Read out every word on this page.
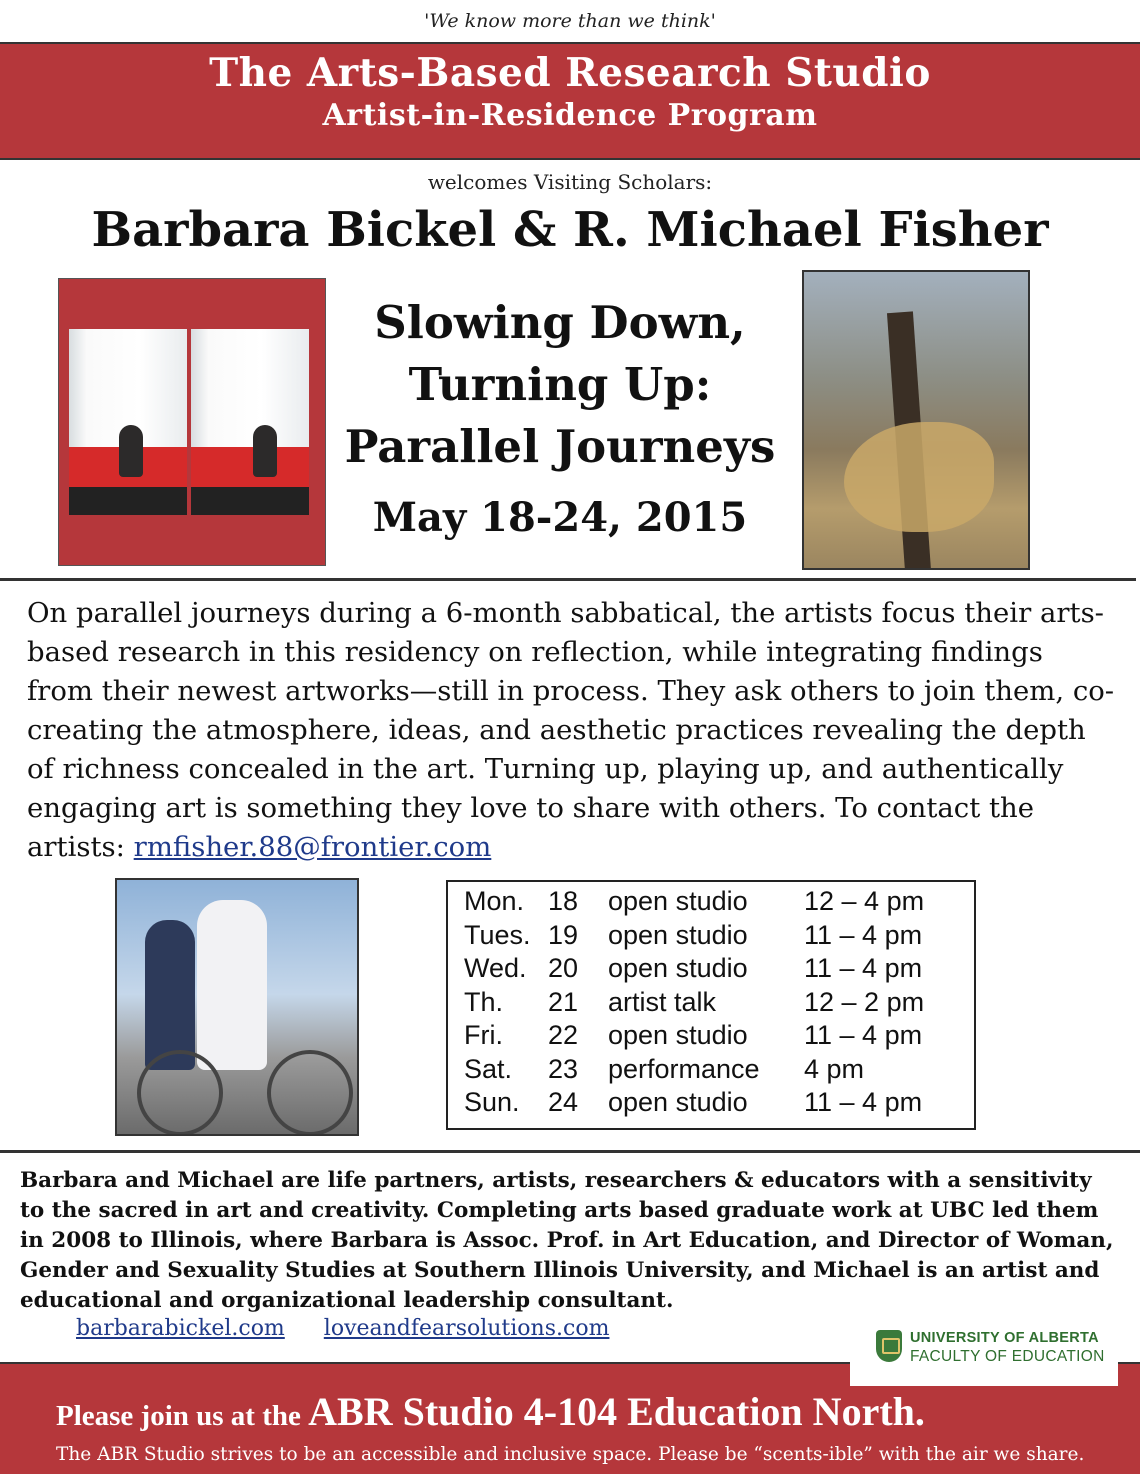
'We know more than we think'
The Arts-Based Research Studio
Artist-in-Residence Program
welcomes Visiting Scholars:
Barbara Bickel & R. Michael Fisher
Slowing Down,
Turning Up:
Parallel Journeys
May 18-24, 2015
On parallel journeys during a 6-month sabbatical, the artists focus their arts-based research in this residency on reflection, while integrating findings from their newest artworks—still in process. They ask others to join them, co-creating the atmosphere, ideas, and aesthetic practices revealing the depth of richness concealed in the art. Turning up, playing up, and authentically engaging art is something they love to share with others. To contact the artists: rmfisher.88@frontier.com
Mon. 18 open studio 12 – 4 pm
Tues. 19 open studio 11 – 4 pm
Wed. 20 open studio 11 – 4 pm
Th. 21 artist talk	12 – 2 pm
Fri. 22 open studio 11 – 4 pm
Sat. 23 performance 4 pm
Sun. 24 open studio 11 – 4 pm
Barbara and Michael are life partners, artists, researchers & educators with a sensitivity to the sacred in art and creativity. Completing arts based graduate work at UBC led them in 2008 to Illinois, where Barbara is Assoc. Prof. in Art Education, and Director of Woman, Gender and Sexuality Studies at Southern Illinois University, and Michael is an artist and educational and organizational leadership consultant.
barbarabickel.com loveandfearsolutions.com
Please join us at the ABR Studio 4-104 Education North.
The ABR Studio strives to be an accessible and inclusive space. Please be “scents-ible” with the air we share.
UNIVERSITY OF ALBERTA
FACULTY OF EDUCATION
